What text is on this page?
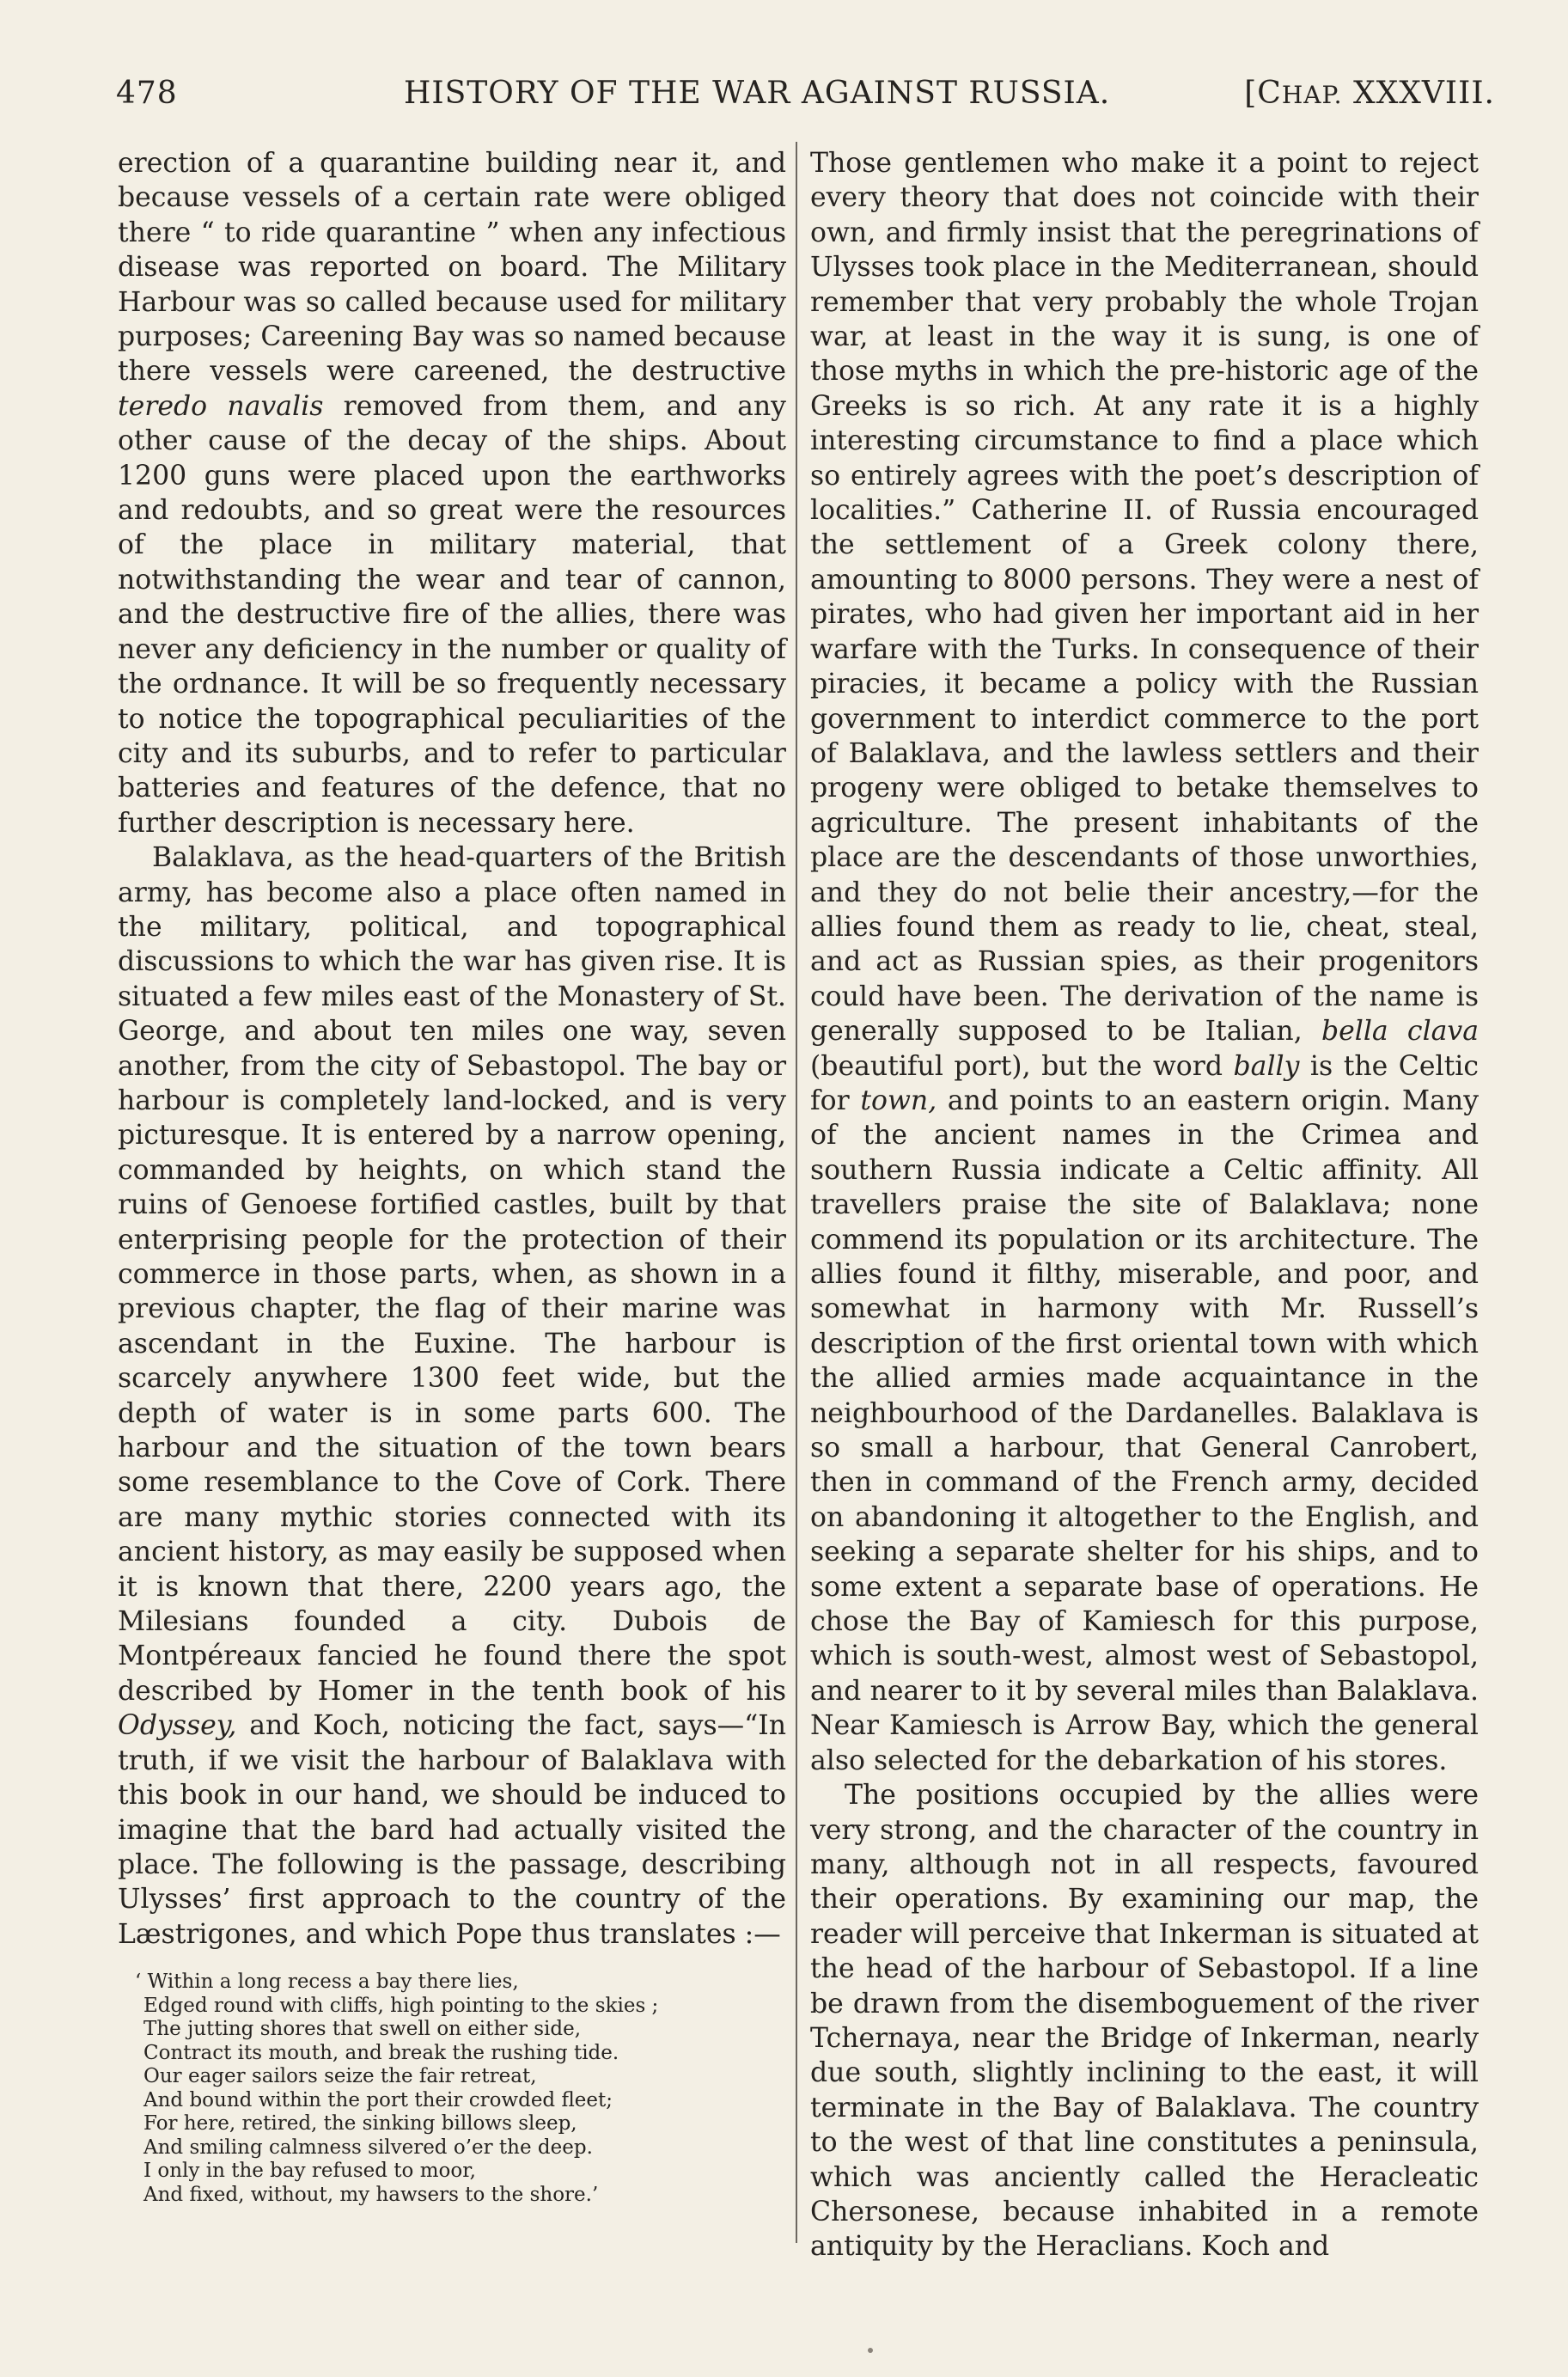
478	HISTORY OF THE WAR AGAINST RUSSIA.	[CHAP. XXXVIII.

erection of a quarantine building near it, and because vessels of a certain rate were obliged there “ to ride quarantine ” when any infectious disease was reported on board. The Military Harbour was so called because used for military purposes; Careening Bay was so named because there vessels were careened, the destructive teredo navalis removed from them, and any other cause of the decay of the ships. About 1200 guns were placed upon the earthworks and redoubts, and so great were the resources of the place in military material, that notwithstanding the wear and tear of cannon, and the destructive fire of the allies, there was never any deficiency in the number or quality of the ordnance. It will be so frequently necessary to notice the topographical peculiarities of the city and its suburbs, and to refer to particular batteries and features of the defence, that no further description is necessary here.

Balaklava, as the head-quarters of the British army, has become also a place often named in the military, political, and topographical discussions to which the war has given rise. It is situated a few miles east of the Monastery of St. George, and about ten miles one way, seven another, from the city of Sebastopol. The bay or harbour is completely land-locked, and is very picturesque. It is entered by a narrow opening, commanded by heights, on which stand the ruins of Genoese fortified castles, built by that enterprising people for the protection of their commerce in those parts, when, as shown in a previous chapter, the flag of their marine was ascendant in the Euxine. The harbour is scarcely anywhere 1300 feet wide, but the depth of water is in some parts 600. The harbour and the situation of the town bears some resemblance to the Cove of Cork. There are many mythic stories connected with its ancient history, as may easily be supposed when it is known that there, 2200 years ago, the Milesians founded a city. Dubois de Montpéreaux fancied he found there the spot described by Homer in the tenth book of his Odyssey, and Koch, noticing the fact, says—“In truth, if we visit the harbour of Balaklava with this book in our hand, we should be induced to imagine that the bard had actually visited the place. The following is the passage, describing Ulysses’ first approach to the country of the Læstrigones, and which Pope thus translates :—

‘ Within a long recess a bay there lies,
Edged round with cliffs, high pointing to the skies ;
The jutting shores that swell on either side,
Contract its mouth, and break the rushing tide.
Our eager sailors seize the fair retreat,
And bound within the port their crowded fleet;
For here, retired, the sinking billows sleep,
And smiling calmness silvered o’er the deep.
I only in the bay refused to moor,
And fixed, without, my hawsers to the shore.’

Those gentlemen who make it a point to reject every theory that does not coincide with their own, and firmly insist that the peregrinations of Ulysses took place in the Mediterranean, should remember that very probably the whole Trojan war, at least in the way it is sung, is one of those myths in which the pre-historic age of the Greeks is so rich. At any rate it is a highly interesting circumstance to find a place which so entirely agrees with the poet’s description of localities.” Catherine II. of Russia encouraged the settlement of a Greek colony there, amounting to 8000 persons. They were a nest of pirates, who had given her important aid in her warfare with the Turks. In consequence of their piracies, it became a policy with the Russian government to interdict commerce to the port of Balaklava, and the lawless settlers and their progeny were obliged to betake themselves to agriculture. The present inhabitants of the place are the descendants of those unworthies, and they do not belie their ancestry,—for the allies found them as ready to lie, cheat, steal, and act as Russian spies, as their progenitors could have been. The derivation of the name is generally supposed to be Italian, bella clava (beautiful port), but the word bally is the Celtic for town, and points to an eastern origin. Many of the ancient names in the Crimea and southern Russia indicate a Celtic affinity. All travellers praise the site of Balaklava; none commend its population or its architecture. The allies found it filthy, miserable, and poor, and somewhat in harmony with Mr. Russell’s description of the first oriental town with which the allied armies made acquaintance in the neighbourhood of the Dardanelles. Balaklava is so small a harbour, that General Canrobert, then in command of the French army, decided on abandoning it altogether to the English, and seeking a separate shelter for his ships, and to some extent a separate base of operations. He chose the Bay of Kamiesch for this purpose, which is south-west, almost west of Sebastopol, and nearer to it by several miles than Balaklava. Near Kamiesch is Arrow Bay, which the general also selected for the debarkation of his stores.

The positions occupied by the allies were very strong, and the character of the country in many, although not in all respects, favoured their operations. By examining our map, the reader will perceive that Inkerman is situated at the head of the harbour of Sebastopol. If a line be drawn from the disemboguement of the river Tchernaya, near the Bridge of Inkerman, nearly due south, slightly inclining to the east, it will terminate in the Bay of Balaklava. The country to the west of that line constitutes a peninsula, which was anciently called the Heracleatic Chersonese, because inhabited in a remote antiquity by the Heraclians. Koch and
